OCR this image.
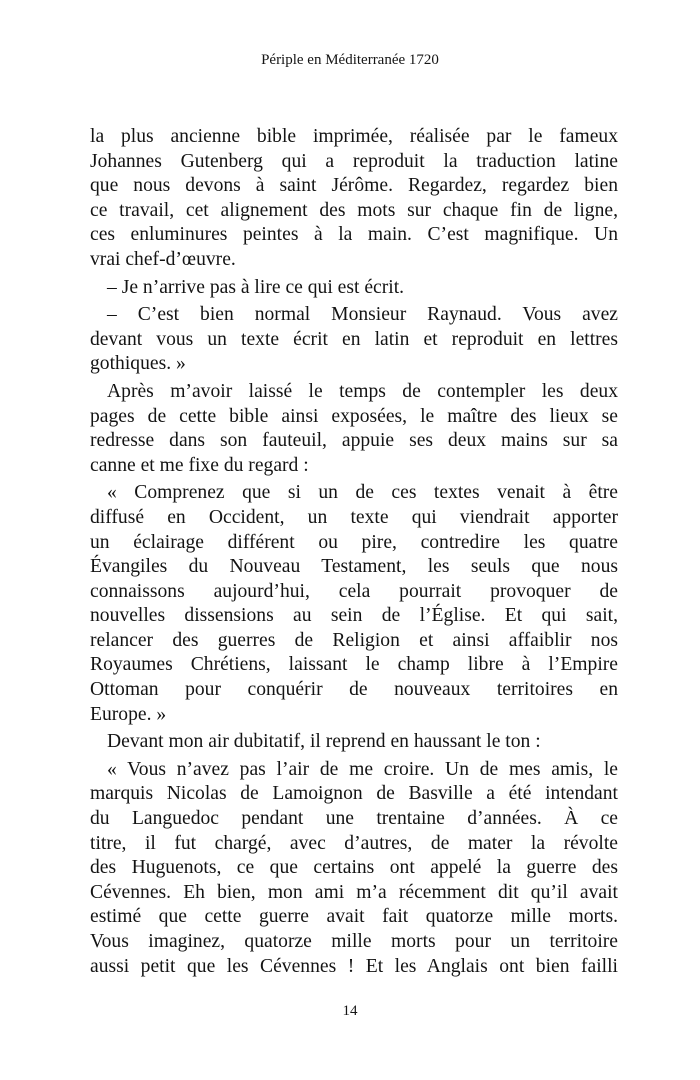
Périple en Méditerranée 1720
la plus ancienne bible imprimée, réalisée par le fameux
Johannes Gutenberg qui a reproduit la traduction latine
que nous devons à saint Jérôme. Regardez, regardez bien
ce travail, cet alignement des mots sur chaque fin de ligne,
ces enluminures peintes à la main. C’est magnifique. Un
vrai chef-d’œuvre.
– Je n’arrive pas à lire ce qui est écrit.
– C’est bien normal Monsieur Raynaud. Vous avez
devant vous un texte écrit en latin et reproduit en lettres
gothiques. »
Après m’avoir laissé le temps de contempler les deux
pages de cette bible ainsi exposées, le maître des lieux se
redresse dans son fauteuil, appuie ses deux mains sur sa
canne et me fixe du regard :
« Comprenez que si un de ces textes venait à être
diffusé en Occident, un texte qui viendrait apporter
un éclairage différent ou pire, contredire les quatre
Évangiles du Nouveau Testament, les seuls que nous
connaissons aujourd’hui, cela pourrait provoquer de
nouvelles dissensions au sein de l’Église. Et qui sait,
relancer des guerres de Religion et ainsi affaiblir nos
Royaumes Chrétiens, laissant le champ libre à l’Empire
Ottoman pour conquérir de nouveaux territoires en
Europe. »
Devant mon air dubitatif, il reprend en haussant le ton :
« Vous n’avez pas l’air de me croire. Un de mes amis, le
marquis Nicolas de Lamoignon de Basville a été intendant
du Languedoc pendant une trentaine d’années. À ce
titre, il fut chargé, avec d’autres, de mater la révolte
des Huguenots, ce que certains ont appelé la guerre des
Cévennes. Eh bien, mon ami m’a récemment dit qu’il avait
estimé que cette guerre avait fait quatorze mille morts.
Vous imaginez, quatorze mille morts pour un territoire
aussi petit que les Cévennes ! Et les Anglais ont bien failli
14
